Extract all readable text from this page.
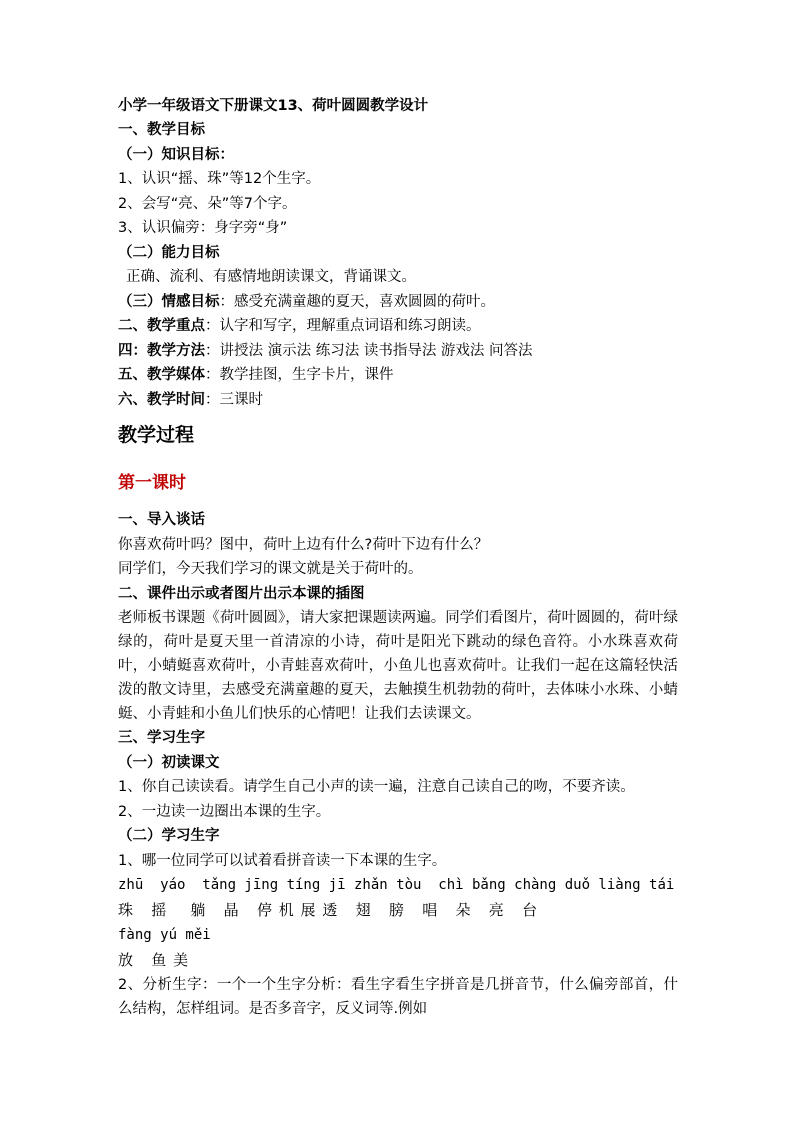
小学一年级语文下册课文13、荷叶圆圆教学设计
一、教学目标
（一）知识目标：
1、认识“摇、珠”等12个生字。
2、会写“亮、朵”等7个字。
3、认识偏旁：身字旁“身”
（二）能力目标
正确、流利、有感情地朗读课文，背诵课文。
（三）情感目标：感受充满童趣的夏天，喜欢圆圆的荷叶。
二、教学重点：认字和写字，理解重点词语和练习朗读。
四：教学方法：讲授法 演示法 练习法 读书指导法 游戏法 问答法
五、教学媒体：教学挂图，生字卡片，课件
六、教学时间：三课时
教学过程
第一课时
一、导入谈话
你喜欢荷叶吗？图中，荷叶上边有什么?荷叶下边有什么？
同学们，今天我们学习的课文就是关于荷叶的。
二、课件出示或者图片出示本课的插图
老师板书课题《荷叶圆圆》，请大家把课题读两遍。同学们看图片，荷叶圆圆的，荷叶绿绿的，荷叶是夏天里一首清凉的小诗，荷叶是阳光下跳动的绿色音符。小水珠喜欢荷叶，小蜻蜓喜欢荷叶，小青蛙喜欢荷叶，小鱼儿也喜欢荷叶。让我们一起在这篇轻快活泼的散文诗里，去感受充满童趣的夏天，去触摸生机勃勃的荷叶，去体味小水珠、小蜻蜓、小青蛙和小鱼儿们快乐的心情吧！让我们去读课文。
三、学习生字
（一）初读课文
1、你自己读读看。请学生自己小声的读一遍，注意自己读自己的吻，不要齐读。
2、一边读一边圈出本课的生字。
（二）学习生字
1、哪一位同学可以试着看拼音读一下本课的生字。
zhū  yáo  tǎng jīng tíng jī zhǎn tòu  chì bǎng chàng duǒ liàng tái
珠   摇    躺   晶   停 机 展 透   翅   膀   唱   朵   亮   台
fàng yú měi
放   鱼 美
2、分析生字：一个一个生字分析：看生字看生字拼音是几拼音节，什么偏旁部首，什么结构，怎样组词。是否多音字，反义词等.例如
